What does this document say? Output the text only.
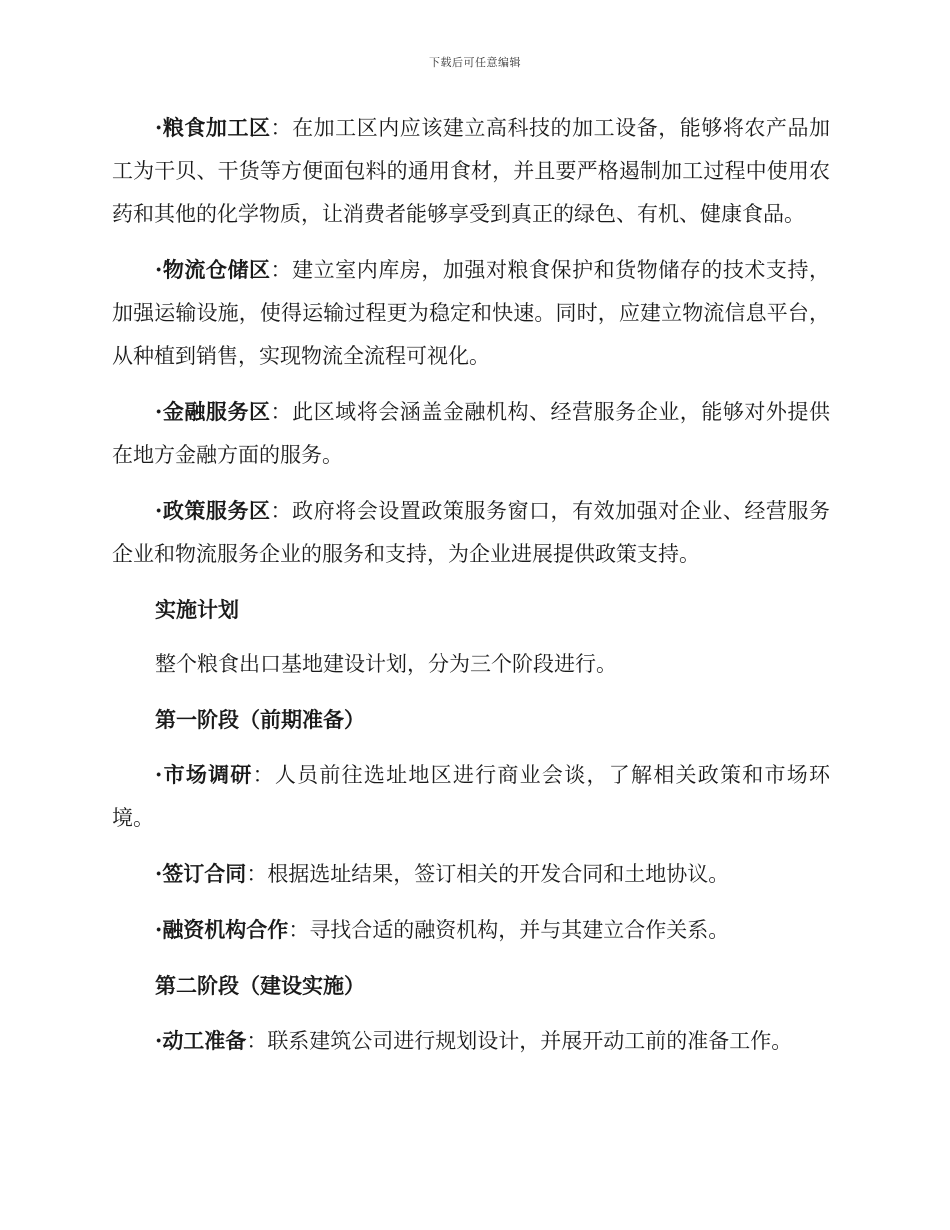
下载后可任意编辑

·粮食加工区：在加工区内应该建立高科技的加工设备，能够将农产品加工为干贝、干货等方便面包料的通用食材，并且要严格遏制加工过程中使用农药和其他的化学物质，让消费者能够享受到真正的绿色、有机、健康食品。

·物流仓储区：建立室内库房，加强对粮食保护和货物储存的技术支持，加强运输设施，使得运输过程更为稳定和快速。同时，应建立物流信息平台，从种植到销售，实现物流全流程可视化。

·金融服务区：此区域将会涵盖金融机构、经营服务企业，能够对外提供在地方金融方面的服务。

·政策服务区：政府将会设置政策服务窗口，有效加强对企业、经营服务企业和物流服务企业的服务和支持，为企业进展提供政策支持。

实施计划

整个粮食出口基地建设计划，分为三个阶段进行。

第一阶段（前期准备）

·市场调研：人员前往选址地区进行商业会谈，了解相关政策和市场环境。

·签订合同：根据选址结果，签订相关的开发合同和土地协议。

·融资机构合作：寻找合适的融资机构，并与其建立合作关系。

第二阶段（建设实施）

·动工准备：联系建筑公司进行规划设计，并展开动工前的准备工作。
